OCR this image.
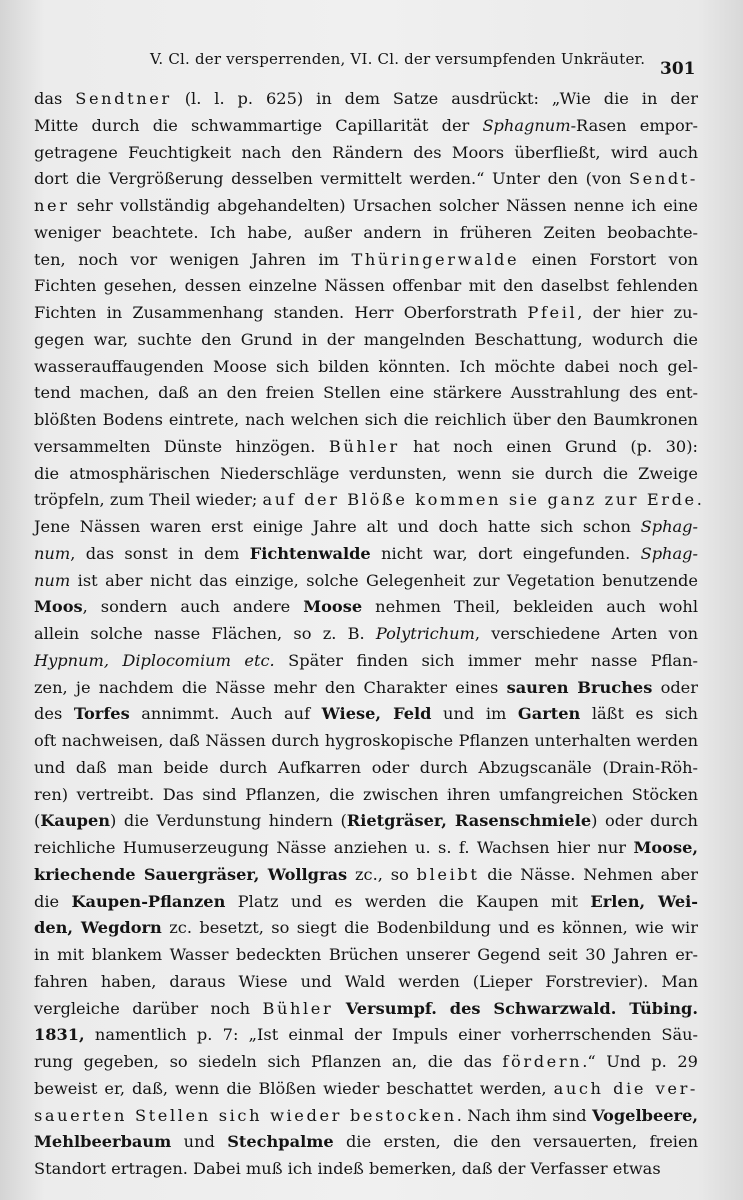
V. Cl. der versperrenden, VI. Cl. der versumpfenden Unkräuter. 301
das Sendtner (l. l. p. 625) in dem Satze ausdrückt: „Wie die in der
Mitte durch die schwammartige Capillarität der Sphagnum-Rasen empor-
getragene Feuchtigkeit nach den Rändern des Moors überfließt, wird auch
dort die Vergrößerung desselben vermittelt werden.“ Unter den (von Sendt-
ner sehr vollständig abgehandelten) Ursachen solcher Nässen nenne ich eine
weniger beachtete. Ich habe, außer andern in früheren Zeiten beobachte-
ten, noch vor wenigen Jahren im Thüringerwalde einen Forstort von
Fichten gesehen, dessen einzelne Nässen offenbar mit den daselbst fehlenden
Fichten in Zusammenhang standen. Herr Oberforstrath Pfeil, der hier zu-
gegen war, suchte den Grund in der mangelnden Beschattung, wodurch die
wasserauffaugenden Moose sich bilden könnten. Ich möchte dabei noch gel-
tend machen, daß an den freien Stellen eine stärkere Ausstrahlung des ent-
blößten Bodens eintrete, nach welchen sich die reichlich über den Baumkronen
versammelten Dünste hinzögen. Bühler hat noch einen Grund (p. 30):
die atmosphärischen Niederschläge verdunsten, wenn sie durch die Zweige
tröpfeln, zum Theil wieder; auf der Blöße kommen sie ganz zur Erde.
Jene Nässen waren erst einige Jahre alt und doch hatte sich schon Sphag-
num, das sonst in dem Fichtenwalde nicht war, dort eingefunden. Sphag-
num ist aber nicht das einzige, solche Gelegenheit zur Vegetation benutzende
Moos, sondern auch andere Moose nehmen Theil, bekleiden auch wohl
allein solche nasse Flächen, so z. B. Polytrichum, verschiedene Arten von
Hypnum, Diplocomium etc. Später finden sich immer mehr nasse Pflan-
zen, je nachdem die Nässe mehr den Charakter eines sauren Bruches oder
des Torfes annimmt. Auch auf Wiese, Feld und im Garten läßt es sich
oft nachweisen, daß Nässen durch hygroskopische Pflanzen unterhalten werden
und daß man beide durch Aufkarren oder durch Abzugscanäle (Drain-Röh-
ren) vertreibt. Das sind Pflanzen, die zwischen ihren umfangreichen Stöcken
(Kaupen) die Verdunstung hindern (Rietgräser, Rasenschmiele) oder durch
reichliche Humuserzeugung Nässe anziehen u. s. f. Wachsen hier nur Moose,
kriechende Sauergräser, Wollgras zc., so bleibt die Nässe. Nehmen aber
die Kaupen-Pflanzen Platz und es werden die Kaupen mit Erlen, Wei-
den, Wegdorn zc. besetzt, so siegt die Bodenbildung und es können, wie wir
in mit blankem Wasser bedeckten Brüchen unserer Gegend seit 30 Jahren er-
fahren haben, daraus Wiese und Wald werden (Lieper Forstrevier). Man
vergleiche darüber noch Bühler Versumpf. des Schwarzwald. Tübing.
1831, namentlich p. 7: „Ist einmal der Impuls einer vorherrschenden Säu-
rung gegeben, so siedeln sich Pflanzen an, die das fördern.“ Und p. 29
beweist er, daß, wenn die Blößen wieder beschattet werden, auch die ver-
sauerten Stellen sich wieder bestocken. Nach ihm sind Vogelbeere,
Mehlbeerbaum und Stechpalme die ersten, die den versauerten, freien
Standort ertragen. Dabei muß ich indeß bemerken, daß der Verfasser etwas
